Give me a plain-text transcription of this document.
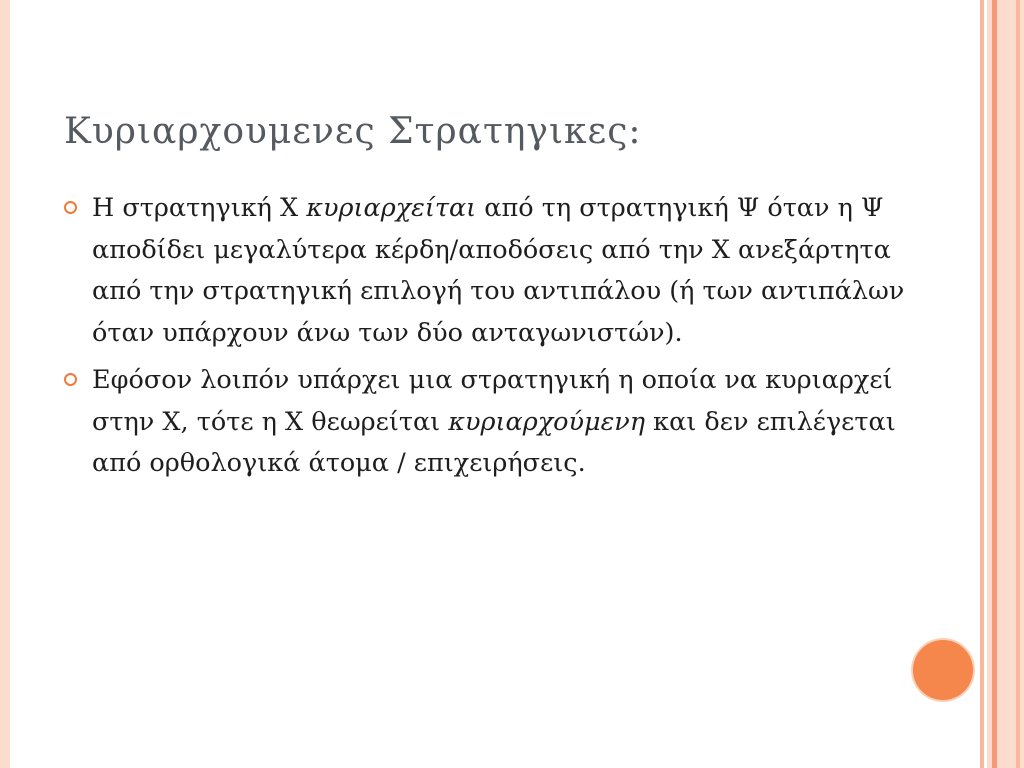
Κυριαρχουμενες Στρατηγικες:
Η στρατηγική Χ κυριαρχείται από τη στρατηγική Ψ όταν η Ψ αποδίδει μεγαλύτερα κέρδη/αποδόσεις από την Χ ανεξάρτητα από την στρατηγική επιλογή του αντιπάλου (ή των αντιπάλων όταν υπάρχουν άνω των δύο ανταγωνιστών).
Εφόσον λοιπόν υπάρχει μια στρατηγική η οποία να κυριαρχεί στην Χ, τότε η Χ θεωρείται κυριαρχούμενη και δεν επιλέγεται από ορθολογικά άτομα / επιχειρήσεις.
